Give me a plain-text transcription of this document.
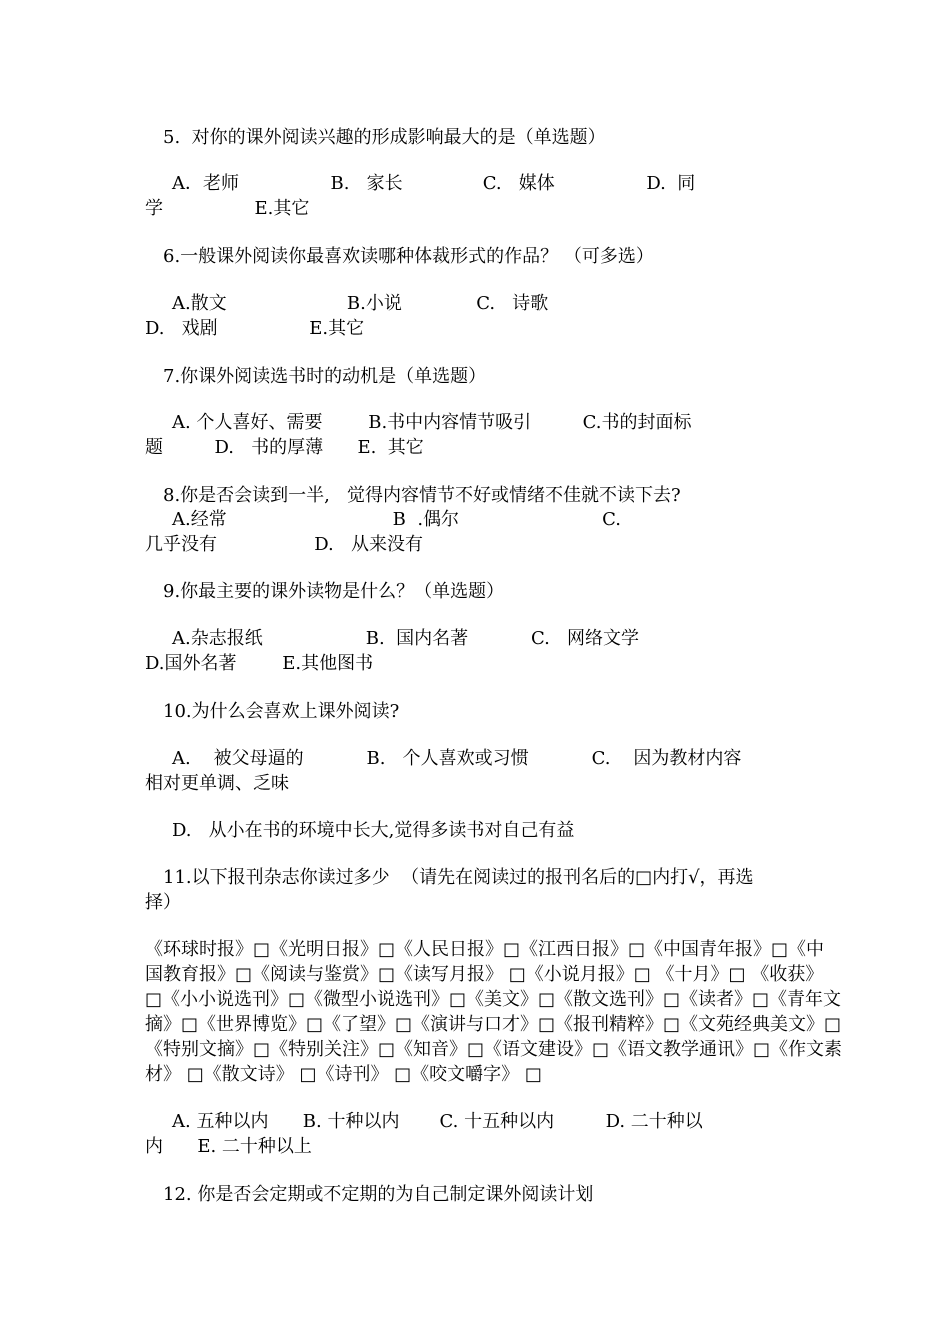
5.  对你的课外阅读兴趣的形成影响最大的是（单选题）
A．老师                B.   家长              C.   媒体                D.  同
学                E.其它
6.一般课外阅读你最喜欢读哪种体裁形式的作品？ （可多选）
A.散文                     B.小说             C.   诗歌
D.   戏剧                E.其它
7.你课外阅读选书时的动机是（单选题）
A. 个人喜好、需要        B.书中内容情节吸引         C.书的封面标
题         D.   书的厚薄      E.  其它
8.你是否会读到一半,   觉得内容情节不好或情绪不佳就不读下去?
A.经常                             B  .偶尔                         C.
几乎没有                 D.   从来没有
9.你最主要的课外读物是什么？（单选题）
A.杂志报纸                  B.  国内名著           C.   网络文学
D.国外名著        E.其他图书
10.为什么会喜欢上课外阅读?
A.    被父母逼的           B.   个人喜欢或习惯           C.    因为教材内容
相对更单调、乏味
D.   从小在书的环境中长大,觉得多读书对自己有益
11.以下报刊杂志你读过多少  （请先在阅读过的报刊名后的□内打√，再选
择）
《环球时报》□《光明日报》□《人民日报》□《江西日报》□《中国青年报》□《中
国教育报》□《阅读与鉴赏》□《读写月报》 □《小说月报》□ 《十月》□ 《收获》
□《小小说选刊》□《微型小说选刊》□《美文》□《散文选刊》□《读者》□《青年文
摘》□《世界博览》□《了望》□《演讲与口才》□《报刊精粹》□《文苑经典美文》□
《特别文摘》□《特别关注》□《知音》□《语文建设》□《语文教学通讯》□《作文素
材》 □《散文诗》 □《诗刊》 □《咬文嚼字》 □
A. 五种以内      B. 十种以内       C. 十五种以内         D. 二十种以
内      E. 二十种以上
12. 你是否会定期或不定期的为自己制定课外阅读计划
